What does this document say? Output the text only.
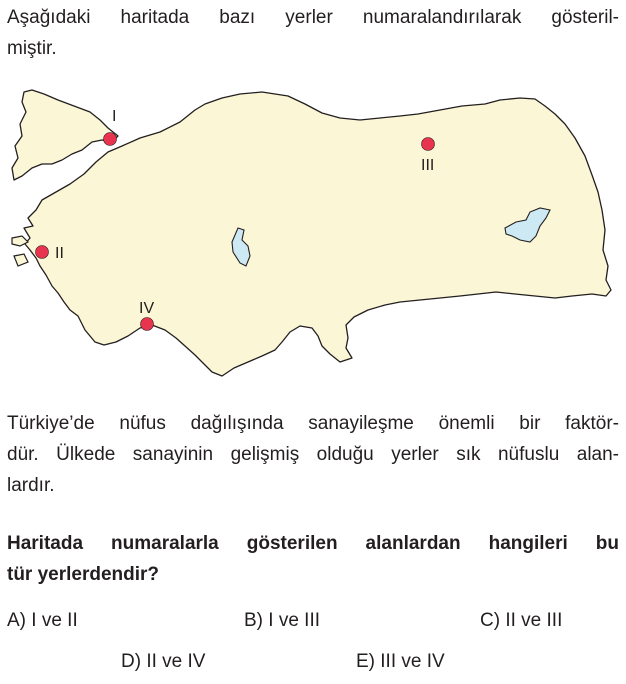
Aşağıdaki haritada bazı yerler numaralandırılarak gösteril-
miştir.
I
II
III
IV
Türkiye’de nüfus dağılışında sanayileşme önemli bir faktör-
dür. Ülkede sanayinin gelişmiş olduğu yerler sık nüfuslu alan-
lardır.
Haritada numaralarla gösterilen alanlardan hangileri bu
tür yerlerdendir?
A) I ve II	B) I ve III	C) II ve III
D) II ve IV	E) III ve IV
